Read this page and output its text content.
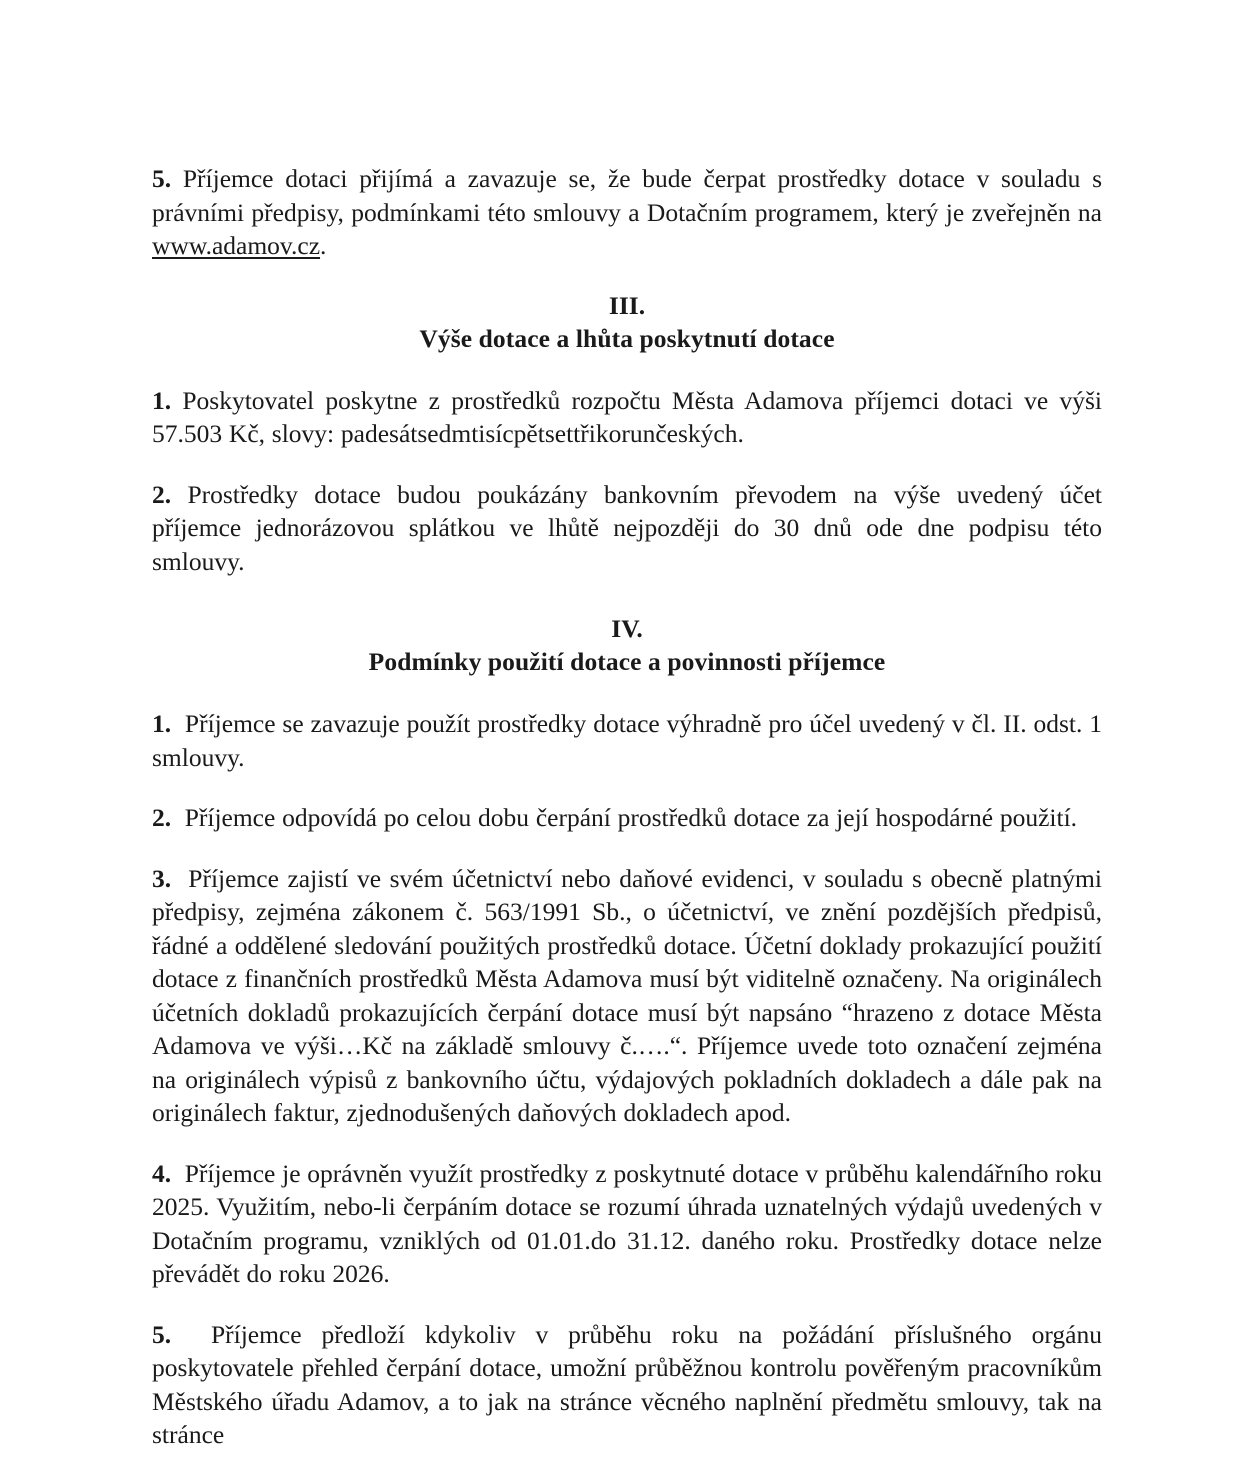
5. Příjemce dotaci přijímá a zavazuje se, že bude čerpat prostředky dotace v souladu s právními předpisy, podmínkami této smlouvy a Dotačním programem, který je zveřejněn na www.adamov.cz.

III.
Výše dotace a lhůta poskytnutí dotace

1. Poskytovatel poskytne z prostředků rozpočtu Města Adamova příjemci dotaci ve výši 57.503 Kč, slovy: padesátsedmtisícpětsettřikorunčeských.

2. Prostředky dotace budou poukázány bankovním převodem na výše uvedený účet příjemce jednorázovou splátkou ve lhůtě nejpozději do 30 dnů ode dne podpisu této smlouvy.

IV.
Podmínky použití dotace a povinnosti příjemce

1. Příjemce se zavazuje použít prostředky dotace výhradně pro účel uvedený v čl. II. odst. 1 smlouvy.

2. Příjemce odpovídá po celou dobu čerpání prostředků dotace za její hospodárné použití.

3. Příjemce zajistí ve svém účetnictví nebo daňové evidenci, v souladu s obecně platnými předpisy, zejména zákonem č. 563/1991 Sb., o účetnictví, ve znění pozdějších předpisů, řádné a oddělené sledování použitých prostředků dotace. Účetní doklady prokazující použití dotace z finančních prostředků Města Adamova musí být viditelně označeny. Na originálech účetních dokladů prokazujících čerpání dotace musí být napsáno “hrazeno z dotace Města Adamova ve výši…Kč na základě smlouvy č.….“. Příjemce uvede toto označení zejména na originálech výpisů z bankovního účtu, výdajových pokladních dokladech a dále pak na originálech faktur, zjednodušených daňových dokladech apod.

4. Příjemce je oprávněn využít prostředky z poskytnuté dotace v průběhu kalendářního roku 2025. Využitím, nebo-li čerpáním dotace se rozumí úhrada uznatelných výdajů uvedených v Dotačním programu, vzniklých od 01.01.do 31.12. daného roku. Prostředky dotace nelze převádět do roku 2026.

5. Příjemce předloží kdykoliv v průběhu roku na požádání příslušného orgánu poskytovatele přehled čerpání dotace, umožní průběžnou kontrolu pověřeným pracovníkům Městského úřadu Adamov, a to jak na stránce věcného naplnění předmětu smlouvy, tak na stránce
